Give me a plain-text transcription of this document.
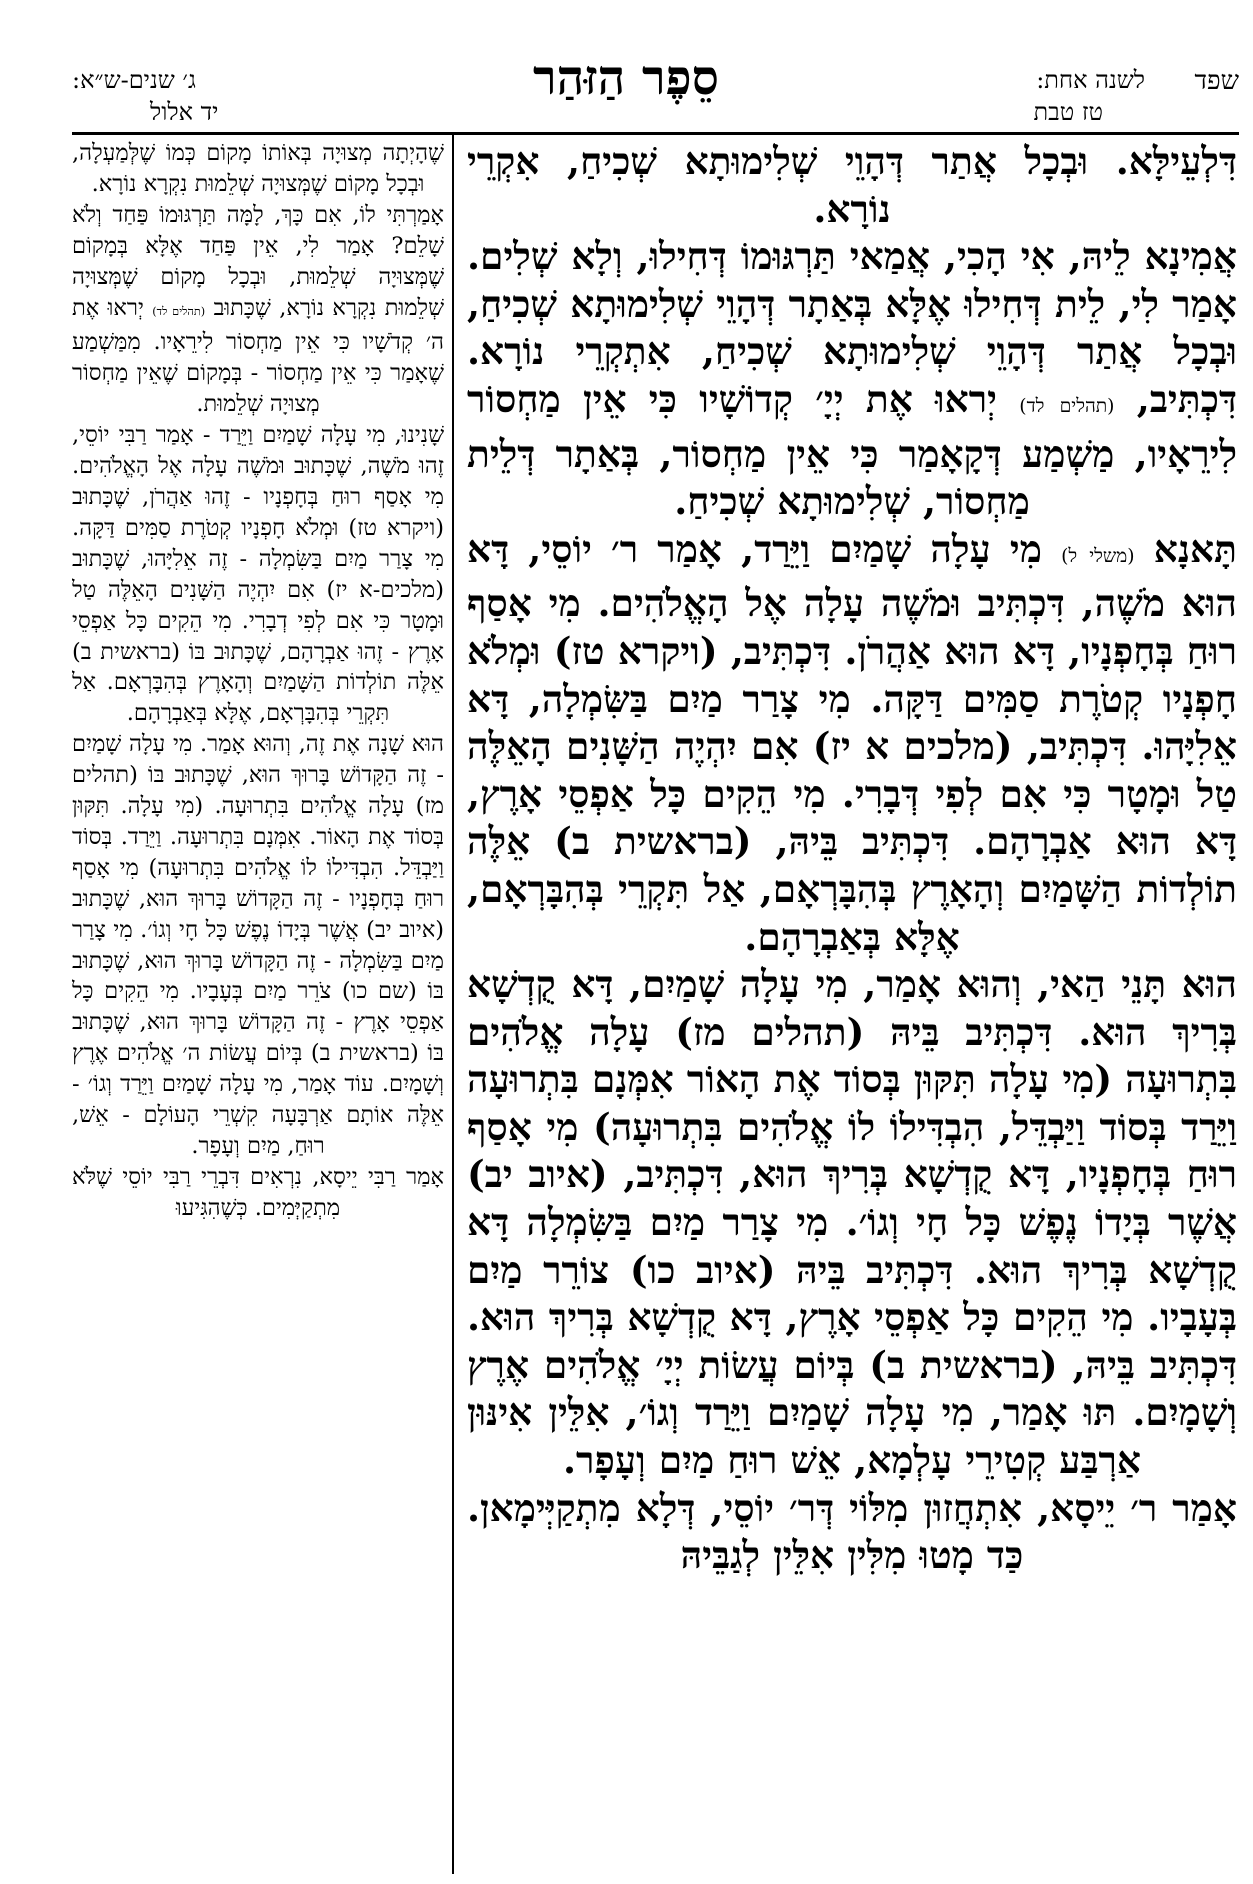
שפד
לשנה אחת:
טז טבת
סֵפֶר הַזּהַר
ג׳ שנים-ש״א:
יד אלול

דִּלְעֵילָּא. וּבְכָל אֲתַר דְּהָוֵי שְׁלִימוּתָא שְׁכִיחַ, אִקְרֵי נוֹרָא.

אֲמִינָא לֵיהּ, אִי הָכִי, אֲמַאי תַּרְגּוּמוֹ דְּחִילוּ, וְלָא שְׁלִים. אָמַר לִי, לֵית דְּחִילוּ אֶלָּא בְּאַתָר דְּהָוֵי שְׁלִימוּתָא שְׁכִיחַ, וּבְכָל אֲתַר דְּהָוֵי שְׁלִימוּתָא שְׁכִיחַ, אִתְקְרֵי נוֹרָא. דִּכְתִּיב, (תהלים לד) יְראוּ אֶת יְיָ׳ קְדוֹשָׁיו כִּי אֵין מַחְסוֹר לִירֵאָיו, מַשְׁמַע דְּקָאָמַר כִּי אֵין מַחְסוֹר, בְּאַתָר דְּלֵית מַחְסוֹר, שְׁלִימוּתָא שְׁכִיחַ.

תָּאנָא (משלי ל) מִי עָלָה שָׁמַיִם וַיֵּרַד, אָמַר ר׳ יוֹסֵי, דָּא הוּא מֹשֶׁה, דִּכְתִּיב וּמֹשֶׁה עָלָה אֶל הָאֱלֹהִים. מִי אָסַף רוּחַ בְּחָפְנָיו, דָּא הוּא אַהֲרֹן. דִּכְתִּיב, (ויקרא טז) וּמְלֹא חָפְנָיו קְטֹרֶת סַמִּים דַּקָּה. מִי צָרַר מַיִם בַּשִּׂמְלָה, דָּא אֵלִיָּהוּ. דִּכְתִּיב, (מלכים א יז) אִם יִהְיֶה הַשָּׁנִים הָאֵלֶּה טַל וּמָטָר כִּי אִם לְפִי דְּבָרִי. מִי הֵקִים כָּל אַפְסֵי אָרֶץ, דָּא הוּא אַבְרָהָם. דִּכְתִּיב בֵּיהּ, (בראשית ב) אֵלֶּה תוֹלְדוֹת הַשָּׁמַיִם וְהָאָרֶץ בְּהִבָּרְאָם, אַל תִּקְרֵי בְּהִבָּרְאָם, אֶלָּא בְּאַבְרָהָם.

הוּא תָּנֵי הַאי, וְהוּא אָמַר, מִי עָלָה שָׁמַיִם, דָּא קֻדְשָׁא בְּרִיךְ הוּא. דִּכְתִּיב בֵּיהּ (תהלים מז) עָלָה אֱלֹהִים בִּתְרוּעָה (מִי עָלָה תִּקּוּן בְּסוֹד אֶת הָאוֹר אִמְּנָם בִּתְרוּעָה וַיֵּרַד בְּסוֹד וַיַּבְדֵּל, הִבְדִּילוֹ לוֹ אֱלֹהִים בִּתְרוּעָה) מִי אָסַף רוּחַ בְּחָפְנָיו, דָּא קֻדְשָׁא בְּרִיךְ הוּא, דִּכְתִּיב, (איוב יב) אֲשֶׁר בְּיָדוֹ נֶפֶשׁ כָּל חָי וְגוֹ׳. מִי צָרַר מַיִם בַּשִּׂמְלָה דָּא קֻדְשָׁא בְּרִיךְ הוּא. דִּכְתִּיב בֵּיהּ (איוב כו) צוֹרֵר מַיִם בְּעָבָיו. מִי הֵקִים כָּל אַפְסֵי אָרֶץ, דָּא קֻדְשָׁא בְּרִיךְ הוּא. דִּכְתִּיב בֵּיהּ, (בראשית ב) בְּיוֹם עֲשׂוֹת יְיָ׳ אֱלֹהִים אֶרֶץ וְשָׁמָיִם. תּוּ אָמַר, מִי עָלָה שָׁמַיִם וַיֵּרַד וְגוֹ׳, אִלֵּין אִינּוּן אַרְבַּע קְטִירֵי עָלְמָא, אֵשׁ רוּחַ מַיִם וְעָפָר.

אָמַר ר׳ יֵיסָא, אִתְחֲזוּן מִלּוֹי דְּר׳ יוֹסֵי, דְּלָא מִתְקַיְּימָאן. כַּד מָטוּ מִלִּין אִלֵּין לְגַבֵּיהּ

שֶׁהָיְתָה מְצוּיָה בְּאוֹתוֹ מָקוֹם כְּמוֹ שֶׁלְּמַעְלָה, וּבְכָל מָקוֹם שֶׁמְּצוּיָה שְׁלֵמוּת נִקְרָא נוֹרָא.

אָמַרְתִּי לוֹ, אִם כָּךְ, לָמָּה תַּרְגּוּמוֹ פַּחַד וְלֹא שָׁלֵם? אָמַר לִי, אֵין פַּחַד אֶלָּא בְּמָקוֹם שֶׁמְּצוּיָה שְׁלֵמוּת, וּבְכָל מָקוֹם שֶׁמְּצוּיָה שְׁלֵמוּת נִקְרָא נוֹרָא, שֶׁכָּתוּב (תהלים לד) יְראוּ אֶת ה׳ קְדֹשָׁיו כִּי אֵין מַחְסוֹר לִירֵאָיו. מִמַּשְׁמַע שֶׁאָמַר כִּי אֵין מַחְסוֹר - בְּמָקוֹם שֶׁאֵין מַחְסוֹר מְצוּיָה שְׁלֵמוּת.

שָׁנִינוּ, מִי עָלָה שָׁמַיִם וַיֵּרַד - אָמַר רַבִּי יוֹסֵי, זֶהוּ מֹשֶׁה, שֶׁכָּתוּב וּמֹשֶׁה עָלָה אֶל הָאֱלֹהִים. מִי אָסַף רוּחַ בְּחָפְנָיו - זֶהוּ אַהֲרֹן, שֶׁכָּתוּב (ויקרא טז) וּמְלֹא חָפְנָיו קְטֹרֶת סַמִּים דַּקָּה. מִי צָרַר מַיִם בַּשִּׂמְלָה - זֶה אֵלִיָּהוּ, שֶׁכָּתוּב (מלכים-א יז) אִם יִהְיֶה הַשָּׁנִים הָאֵלֶּה טַל וּמָטָר כִּי אִם לְפִי דְבָרִי. מִי הֵקִים כָּל אַפְסֵי אָרֶץ - זֶהוּ אַבְרָהָם, שֶׁכָּתוּב בּוֹ (בראשית ב) אֵלֶּה תוֹלְדוֹת הַשָּׁמַיִם וְהָאָרֶץ בְּהִבָּרְאָם. אַל תִּקְרֵי בְּהִבָּרְאָם, אֶלָּא בְּאַבְרָהָם.

הוּא שָׁנָה אֶת זֶה, וְהוּא אָמַר. מִי עָלָה שָׁמַיִם - זֶה הַקָּדוֹשׁ בָּרוּךְ הוּא, שֶׁכָּתוּב בּוֹ (תהלים מז) עָלָה אֱלֹהִים בִּתְרוּעָה. (מִי עָלָה. תִּקּוּן בְּסוֹד אֶת הָאוֹר. אִמְּנָם בִּתְרוּעָה. וַיֵּרַד. בְּסוֹד וַיַּבְדֵּל. הִבְדִּילוֹ לוֹ אֱלֹהִים בִּתְרוּעָה) מִי אָסַף רוּחַ בְּחָפְנָיו - זֶה הַקָּדוֹשׁ בָּרוּךְ הוּא, שֶׁכָּתוּב (איוב יב) אֲשֶׁר בְּיָדוֹ נֶפֶשׁ כָּל חָי וְגוֹ׳. מִי צָרַר מַיִם בַּשִּׂמְלָה - זֶה הַקָּדוֹשׁ בָּרוּךְ הוּא, שֶׁכָּתוּב בּוֹ (שם כו) צֹרֵר מַיִם בְּעָבָיו. מִי הֵקִים כָּל אַפְסֵי אָרֶץ - זֶה הַקָּדוֹשׁ בָּרוּךְ הוּא, שֶׁכָּתוּב בּוֹ (בראשית ב) בְּיוֹם עֲשׂוֹת ה׳ אֱלֹהִים אֶרֶץ וְשָׁמָיִם. עוֹד אָמַר, מִי עָלָה שָׁמַיִם וַיֵּרַד וְגוֹ׳ - אֵלֶּה אוֹתָם אַרְבָּעָה קִשְׁרֵי הָעוֹלָם - אֵשׁ, רוּחַ, מַיִם וְעָפָר.

אָמַר רַבִּי יֵיסָא, נִרְאִים דִּבְרֵי רַבִּי יוֹסֵי שֶׁלֹּא מִתְקַיְּמִים. כְּשֶׁהִגִּיעוּ
